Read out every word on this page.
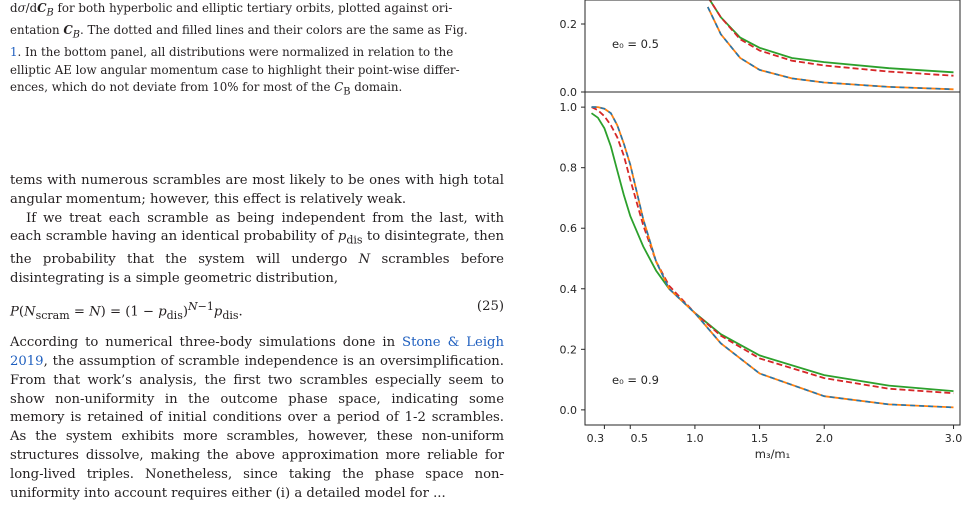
$d\sigma/dC_B$ for both hyperbolic and elliptic tertiary orbits, plotted against ori-
entation $C_B$. The dotted and filled lines and their colors are the same as Fig.
1. In the bottom panel, all distributions were normalized in relation to the
elliptic AE low angular momentum case to highlight their point-wise differ-
ences, which do not deviate from 10% for most of the $C_B$ domain.

tems with numerous scrambles are most likely to be ones with high total angular momentum; however, this effect is relatively weak.

If we treat each scramble as being independent from the last, with each scramble having an identical probability of $p_{dis}$ to disintegrate, then the probability that the system will undergo N scrambles before disintegrating is a simple geometric distribution,

$P(N_{scram} = N) = (1 - p_{dis})^{N-1}p_{dis}$.	(25)

According to numerical three-body simulations done in Stone & Leigh 2019, the assumption of scramble independence is an oversimplification. From that work’s analysis, the first two scrambles especially seem to show non-uniformity in the outcome phase space, indicating some memory is retained of initial conditions over a period of 1-2 scrambles. As the system exhibits more scrambles, however, these non-uniform structures dissolve, making the above approximation more reliable for long-lived triples. Nonetheless, since taking the phase space non-uniformity into account requires either (i) a detailed model for ...

0.0
0.2
e₀ = 0.5
0.0
0.2
0.4
0.6
0.8
1.0
e₀ = 0.9
0.3 0.5	1.0	1.5	2.0	3.0
m₃/m₁
